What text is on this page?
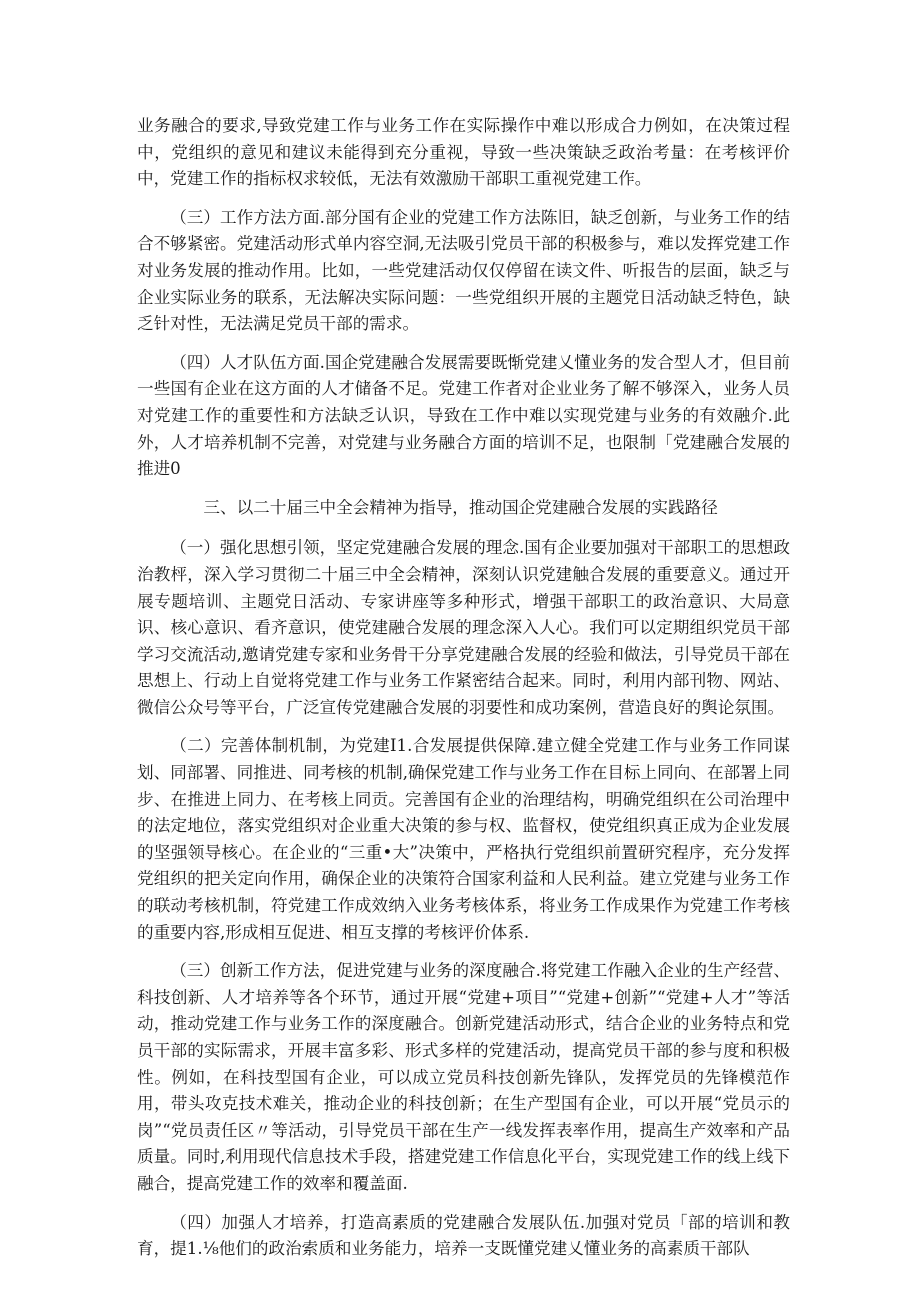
业务融合的要求,导致党建工作与业务工作在实际操作中难以形成合力例如，在决策过程中，党组织的意见和建议未能得到充分重视，导致一些决策缺乏政治考量：在考核评价中，党建工作的指标权求较低，无法有效激励干部职工重视党建工作。

（三）工作方法方面.部分国有企业的党建工作方法陈旧，缺乏创新，与业务工作的结合不够紧密。党建活动形式单内容空洞,无法吸引党员干部的积极参与，难以发挥党建工作对业务发展的推动作用。比如，一些党建活动仅仅停留在读文件、听报告的层面，缺乏与企业实际业务的联系，无法解决实际问题：一些党组织开展的主题党日活动缺乏特色，缺乏针对性，无法满足党员干部的需求。

（四）人才队伍方面.国企党建融合发展需要既惭党建乂懂业务的发合型人才，但目前一些国有企业在这方面的人才储备不足。党建工作者对企业业务了解不够深入，业务人员对党建工作的重要性和方法缺乏认识，导致在工作中难以实现党建与业务的有效融介.此外，人才培养机制不完善，对党建与业务融合方面的培训不足，也限制「党建融合发展的推进0

三、以二十届三中全会精神为指导，推动国企党建融合发展的实践路径

（一）强化思想引领，坚定党建融合发展的理念.国有企业要加强对干部职工的思想政治教枰，深入学习贯彻二十届三中全会精神，深刻认识党建触合发展的重要意义。通过开展专题培训、主题党日活动、专家讲座等多种形式，增强干部职工的政治意识、大局意识、核心意识、看齐意识，使党建融合发展的理念深入人心。我们可以定期组织党员干部学习交流活动,邀请党建专家和业务骨干分享党建融合发展的经验和做法，引导党员干部在思想上、行动上自觉将党建工作与业务工作紧密结合起来。同时，利用内部刊物、网站、微信公众号等平台，广泛宣传党建融合发展的羽要性和成功案例，营造良好的舆论氛围。

（二）完善体制机制，为党建I1.合发展提供保障.建立健全党建工作与业务工作同谋划、同部署、同推进、同考核的机制,确保党建工作与业务工作在目标上同向、在部署上同步、在推进上同力、在考核上同贡。完善国有企业的治理结构，明确党组织在公司治理中的法定地位，落实党组织对企业重大决策的参与权、监督权，使党组织真正成为企业发展的坚强领导核心。在企业的“三重•大”决策中，严格执行党组织前置研究程序，充分发挥党组织的把关定向作用，确保企业的决策符合国家利益和人民利益。建立党建与业务工作的联动考核机制，符党建工作成效纳入业务考核体系，将业务工作成果作为党建工作考核的重要内容,形成相互促进、相互支撑的考核评价体系.

（三）创新工作方法，促进党建与业务的深度融合.将党建工作融入企业的生产经营、科技创新、人才培养等各个环节，通过开展“党建+项目”“党建+创新”“党建+人才”等活动，推动党建工作与业务工作的深度融合。创新党建活动形式，结合企业的业务特点和党员干部的实际需求，开展丰富多彩、形式多样的党建活动，提高党员干部的参与度和积极性。例如，在科技型国有企业，可以成立党员科技创新先锋队，发挥党员的先锋模范作用，带头攻克技术难关，推动企业的科技创新；在生产型国有企业，可以开展“党员示的岗”“党员责任区〃等活动，引导党员干部在生产一线发挥表率作用，提高生产效率和产品质量。同时,利用现代信息技术手段，搭建党建工作信息化平台，实现党建工作的线上线下融合，提高党建工作的效率和覆盖面.

（四）加强人才培养，打造高素质的党建融合发展队伍.加强对党员「部的培训和教育，提1.⅛他们的政治索质和业务能力，培养一支既懂党建乂懂业务的高素质干部队
